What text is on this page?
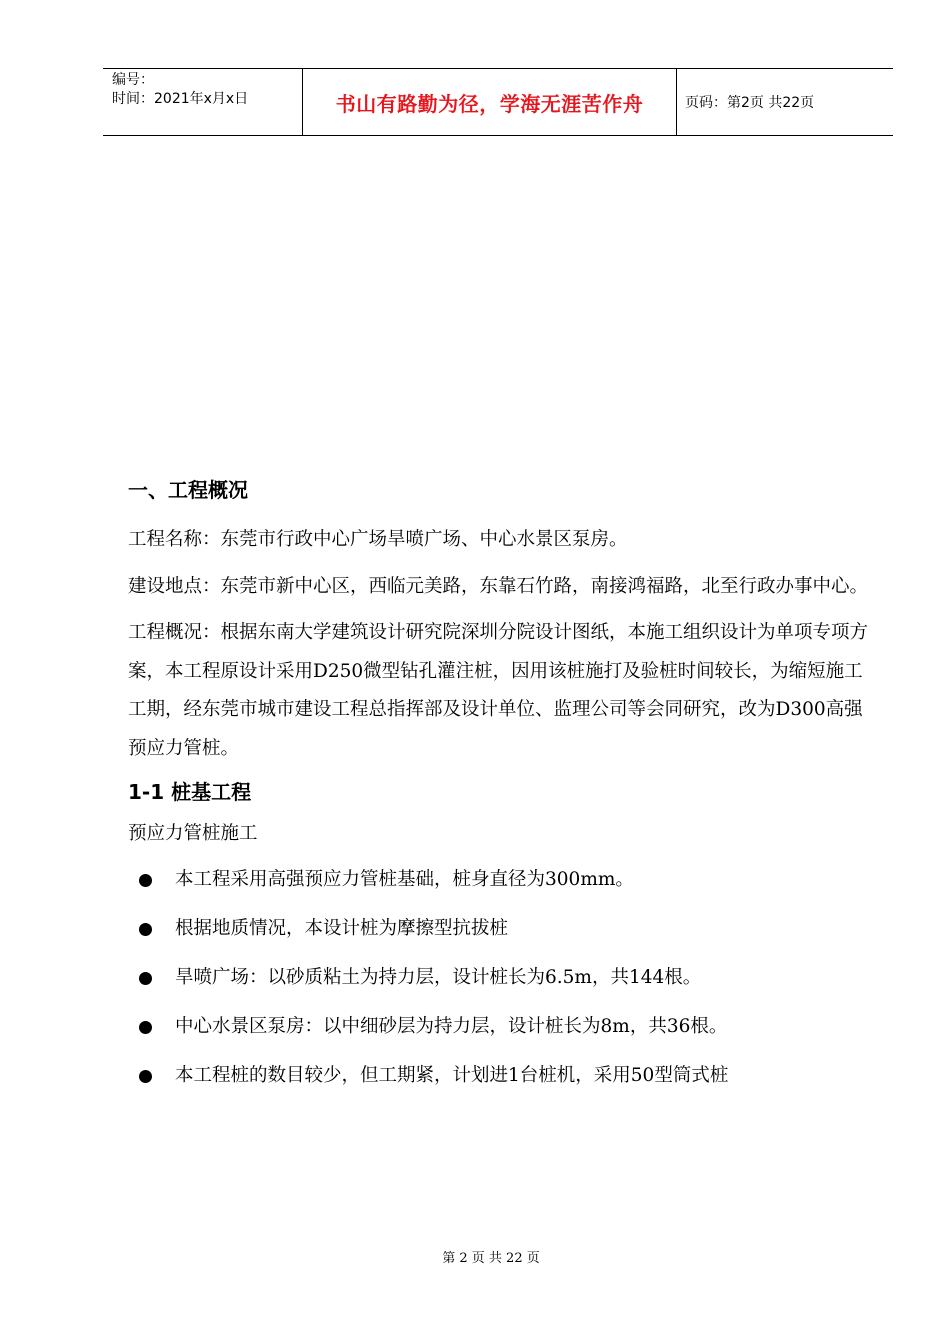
编号：
时间：2021年x月x日	书山有路勤为径，学海无涯苦作舟	页码：第2页 共22页
一、工程概况

工程名称：东莞市行政中心广场旱喷广场、中心水景区泵房。

建设地点：东莞市新中心区，西临元美路，东靠石竹路，南接鸿福路，北至行政办事中心。

工程概况：根据东南大学建筑设计研究院深圳分院设计图纸，本施工组织设计为单项专项方案，本工程原设计采用D250微型钻孔灌注桩，因用该桩施打及验桩时间较长，为缩短施工工期，经东莞市城市建设工程总指挥部及设计单位、监理公司等会同研究，改为D300高强预应力管桩。

1-1 桩基工程

预应力管桩施工

本工程采用高强预应力管桩基础，桩身直径为300mm。
根据地质情况，本设计桩为摩擦型抗拔桩
旱喷广场：以砂质粘土为持力层，设计桩长为6.5m，共144根。
中心水景区泵房：以中细砂层为持力层，设计桩长为8m，共36根。
本工程桩的数目较少，但工期紧，计划进1台桩机，采用50型筒式桩
第 2 页 共 22 页
